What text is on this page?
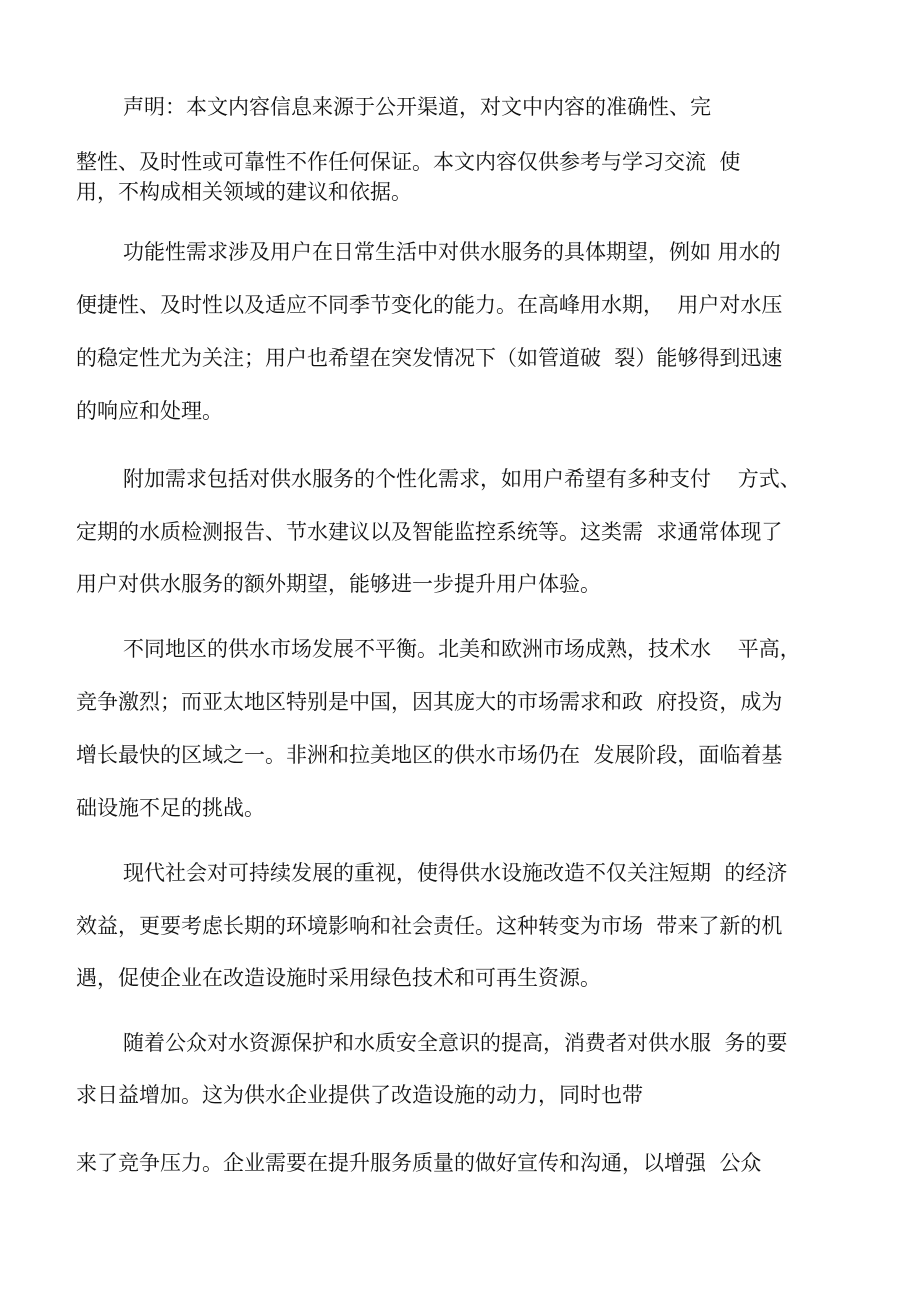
声明：本文内容信息来源于公开渠道，对文中内容的准确性、完
整性、及时性或可靠性不作任何保证。本文内容仅供参考与学习交流  使
用，不构成相关领域的建议和依据。
功能性需求涉及用户在日常生活中对供水服务的具体期望，例如 用水的
便捷性、及时性以及适应不同季节变化的能力。在高峰用水期，  用户对水压
的稳定性尤为关注；用户也希望在突发情况下（如管道破  裂）能够得到迅速
的响应和处理。
附加需求包括对供水服务的个性化需求，如用户希望有多种支付    方式、
定期的水质检测报告、节水建议以及智能监控系统等。这类需  求通常体现了
用户对供水服务的额外期望，能够进一步提升用户体验。
不同地区的供水市场发展不平衡。北美和欧洲市场成熟，技术水    平高，
竞争激烈；而亚太地区特别是中国，因其庞大的市场需求和政  府投资，成为
增长最快的区域之一。非洲和拉美地区的供水市场仍在  发展阶段，面临着基
础设施不足的挑战。
现代社会对可持续发展的重视，使得供水设施改造不仅关注短期  的经济
效益，更要考虑长期的环境影响和社会责任。这种转变为市场  带来了新的机
遇，促使企业在改造设施时采用绿色技术和可再生资源。
随着公众对水资源保护和水质安全意识的提高，消费者对供水服  务的要
求日益增加。这为供水企业提供了改造设施的动力，同时也带
来了竞争压力。企业需要在提升服务质量的做好宣传和沟通，以增强  公众
